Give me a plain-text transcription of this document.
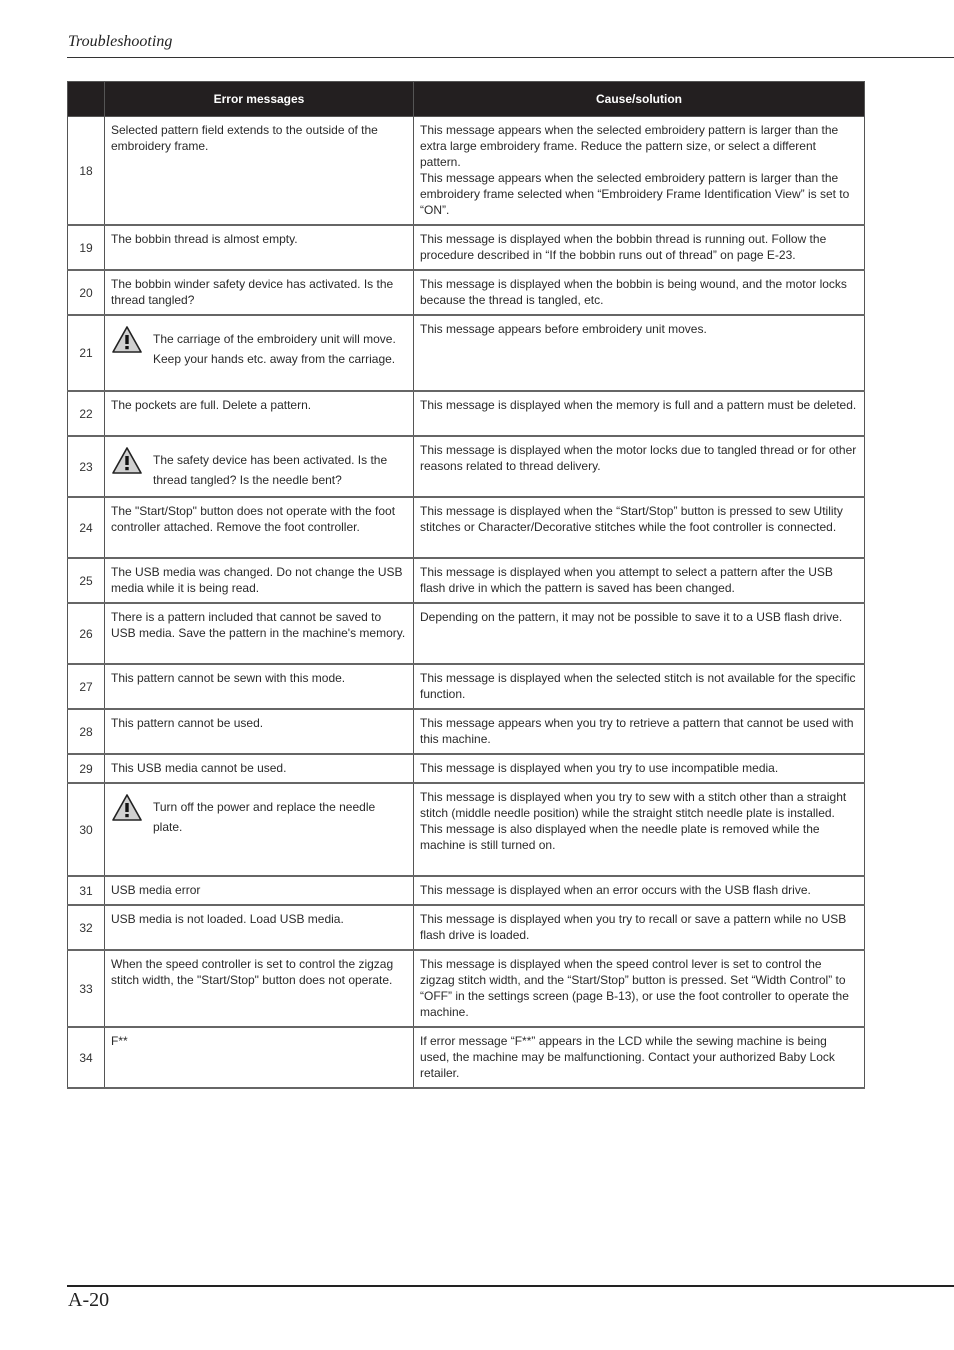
Troubleshooting
	Error messages	Cause/solution
18	Selected pattern field extends to the outside of the embroidery frame.	This message appears when the selected embroidery pattern is larger than the extra large embroidery frame. Reduce the pattern size, or select a different pattern.
This message appears when the selected embroidery pattern is larger than the embroidery frame selected when “Embroidery Frame Identification View” is set to “ON”.
19	The bobbin thread is almost empty.	This message is displayed when the bobbin thread is running out. Follow the procedure described in “If the bobbin runs out of thread” on page E-23.
20	The bobbin winder safety device has activated. Is the thread tangled?	This message is displayed when the bobbin is being wound, and the motor locks because the thread is tangled, etc.
21	The carriage of the embroidery unit will move. Keep your hands etc. away from the carriage.	This message appears before embroidery unit moves.
22	The pockets are full. Delete a pattern.	This message is displayed when the memory is full and a pattern must be deleted.
23	The safety device has been activated. Is the thread tangled? Is the needle bent?	This message is displayed when the motor locks due to tangled thread or for other reasons related to thread delivery.
24	The "Start/Stop" button does not operate with the foot controller attached. Remove the foot controller.	This message is displayed when the “Start/Stop” button is pressed to sew Utility stitches or Character/Decorative stitches while the foot controller is connected.
25	The USB media was changed. Do not change the USB media while it is being read.	This message is displayed when you attempt to select a pattern after the USB flash drive in which the pattern is saved has been changed.
26	There is a pattern included that cannot be saved to USB media. Save the pattern in the machine's memory.	Depending on the pattern, it may not be possible to save it to a USB flash drive.
27	This pattern cannot be sewn with this mode.	This message is displayed when the selected stitch is not available for the specific function.
28	This pattern cannot be used.	This message appears when you try to retrieve a pattern that cannot be used with this machine.
29	This USB media cannot be used.	This message is displayed when you try to use incompatible media.
30	Turn off the power and replace the needle plate.	This message is displayed when you try to sew with a stitch other than a straight stitch (middle needle position) while the straight stitch needle plate is installed.
This message is also displayed when the needle plate is removed while the machine is still turned on.
31	USB media error	This message is displayed when an error occurs with the USB flash drive.
32	USB media is not loaded. Load USB media.	This message is displayed when you try to recall or save a pattern while no USB flash drive is loaded.
33	When the speed controller is set to control the zigzag stitch width, the "Start/Stop" button does not operate.	This message is displayed when the speed control lever is set to control the zigzag stitch width, and the “Start/Stop” button is pressed. Set “Width Control” to “OFF” in the settings screen (page B-13), or use the foot controller to operate the machine.
34	F**	If error message “F**” appears in the LCD while the sewing machine is being used, the machine may be malfunctioning. Contact your authorized Baby Lock retailer.
A-20
